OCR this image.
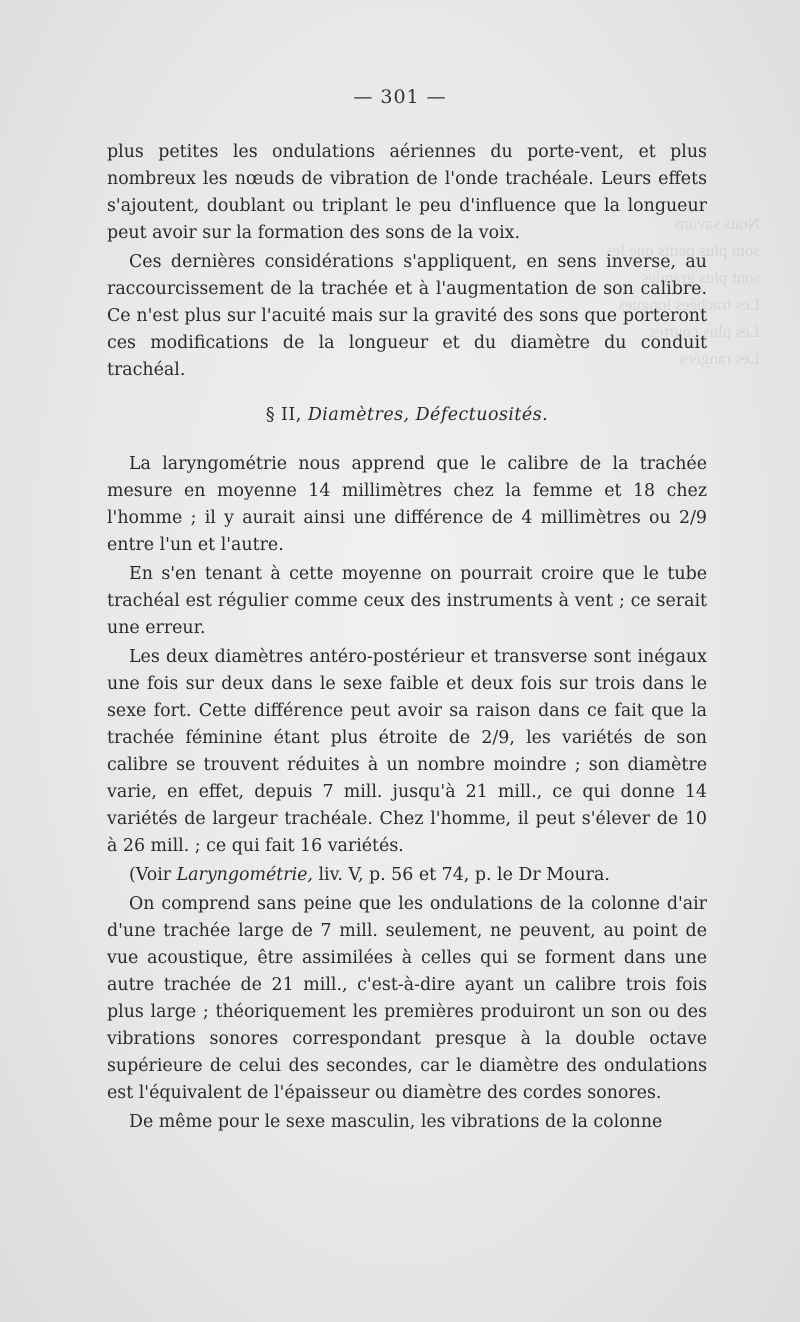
Nous savons
sont plus petits que les
sont plus grandes
Les trachées longues
Les plus courtes
Les rangées
— 301 —

plus petites les ondulations aériennes du porte-vent, et plus nombreux les nœuds de vibration de l'onde trachéale. Leurs effets s'ajoutent, doublant ou triplant le peu d'influence que la longueur peut avoir sur la formation des sons de la voix.

Ces dernières considérations s'appliquent, en sens inverse, au raccourcissement de la trachée et à l'augmentation de son calibre. Ce n'est plus sur l'acuité mais sur la gravité des sons que porteront ces modifications de la longueur et du diamètre du conduit trachéal.

§ II, Diamètres, Défectuosités.

La laryngométrie nous apprend que le calibre de la trachée mesure en moyenne 14 millimètres chez la femme et 18 chez l'homme ; il y aurait ainsi une différence de 4 millimètres ou 2/9 entre l'un et l'autre.

En s'en tenant à cette moyenne on pourrait croire que le tube trachéal est régulier comme ceux des instruments à vent ; ce serait une erreur.

Les deux diamètres antéro-postérieur et transverse sont inégaux une fois sur deux dans le sexe faible et deux fois sur trois dans le sexe fort. Cette différence peut avoir sa raison dans ce fait que la trachée féminine étant plus étroite de 2/9, les variétés de son calibre se trouvent réduites à un nombre moindre ; son diamètre varie, en effet, depuis 7 mill. jusqu'à 21 mill., ce qui donne 14 variétés de largeur trachéale. Chez l'homme, il peut s'élever de 10 à 26 mill. ; ce qui fait 16 variétés.

(Voir Laryngométrie, liv. V, p. 56 et 74, p. le Dr Moura.

On comprend sans peine que les ondulations de la colonne d'air d'une trachée large de 7 mill. seulement, ne peuvent, au point de vue acoustique, être assimilées à celles qui se forment dans une autre trachée de 21 mill., c'est-à-dire ayant un calibre trois fois plus large ; théoriquement les premières produiront un son ou des vibrations sonores correspondant presque à la double octave supérieure de celui des secondes, car le diamètre des ondulations est l'équivalent de l'épaisseur ou diamètre des cordes sonores.

De même pour le sexe masculin, les vibrations de la colonne
